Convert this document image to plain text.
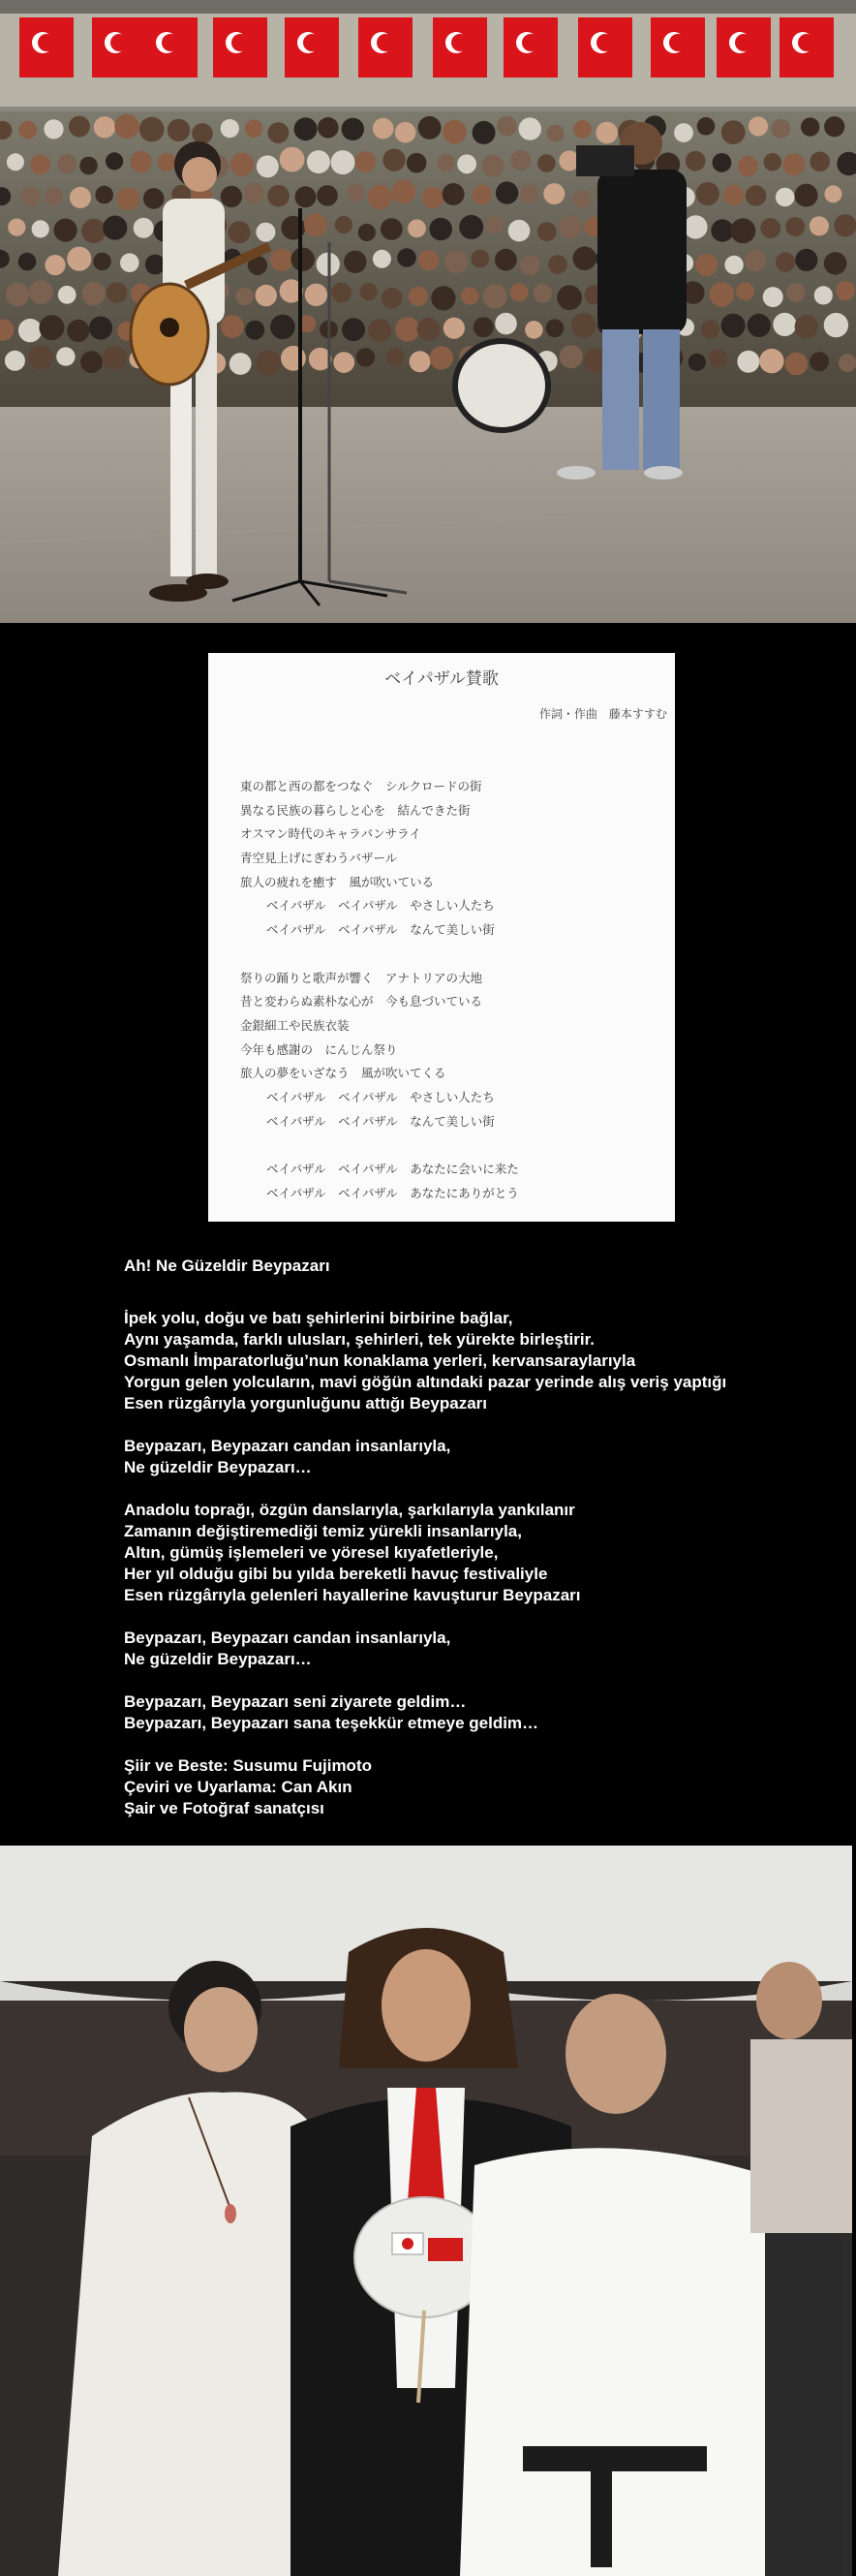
ベイパザル賛歌
作詞・作曲　藤本すすむ
東の都と西の都をつなぐ　シルクロードの街
異なる民族の暮らしと心を　結んできた街
オスマン時代のキャラバンサライ
青空見上げにぎわうバザール
旅人の疲れを癒す　風が吹いている
ベイパザル　ベイパザル　やさしい人たち
ベイパザル　ベイパザル　なんて美しい街
祭りの踊りと歌声が響く　アナトリアの大地
昔と変わらぬ素朴な心が　今も息づいている
金銀細工や民族衣装
今年も感謝の　にんじん祭り
旅人の夢をいざなう　風が吹いてくる
ベイパザル　ベイパザル　やさしい人たち
ベイパザル　ベイパザル　なんて美しい街
ベイパザル　ベイパザル　あなたに会いに来た
ベイパザル　ベイパザル　あなたにありがとう
Ah! Ne Güzeldir Beypazarı
İpek yolu, doğu ve batı şehirlerini birbirine bağlar,
Aynı yaşamda, farklı ulusları, şehirleri, tek yürekte birleştirir.
Osmanlı İmparatorluğu’nun konaklama yerleri, kervansaraylarıyla
Yorgun gelen yolcuların, mavi göğün altındaki pazar yerinde alış veriş yaptığı
Esen rüzgârıyla yorgunluğunu attığı Beypazarı
Beypazarı, Beypazarı candan insanlarıyla,
Ne güzeldir Beypazarı…
Anadolu toprağı, özgün danslarıyla, şarkılarıyla yankılanır
Zamanın değiştiremediği temiz yürekli insanlarıyla,
Altın, gümüş işlemeleri ve yöresel kıyafetleriyle,
Her yıl olduğu gibi bu yılda bereketli havuç festivaliyle
Esen rüzgârıyla gelenleri hayallerine kavuşturur Beypazarı
Beypazarı, Beypazarı candan insanlarıyla,
Ne güzeldir Beypazarı…
Beypazarı, Beypazarı seni ziyarete geldim…
Beypazarı, Beypazarı sana teşekkür etmeye geldim…
Şiir ve Beste: Susumu Fujimoto
Çeviri ve Uyarlama: Can Akın
Şair ve Fotoğraf sanatçısı
